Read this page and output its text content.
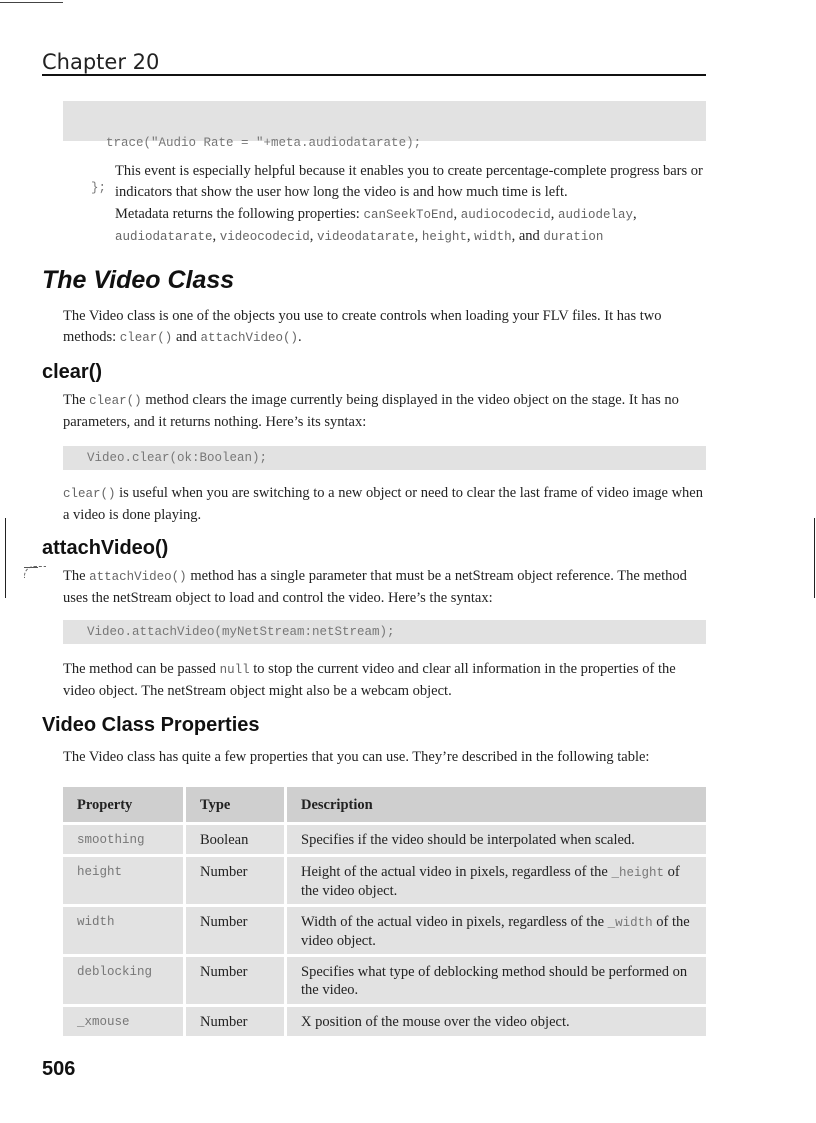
Chapter 20

trace("Audio Rate = "+meta.audiodatarate);

};

This event is especially helpful because it enables you to create percentage-complete progress bars or indicators that show the user how long the video is and how much time is left.

Metadata returns the following properties: canSeekToEnd, audiocodecid, audiodelay, audiodatarate, videocodecid, videodatarate, height, width, and duration

The Video Class

The Video class is one of the objects you use to create controls when loading your FLV files. It has two methods: clear() and attachVideo().

clear()

The clear() method clears the image currently being displayed in the video object on the stage. It has no parameters, and it returns nothing. Here’s its syntax:

Video.clear(ok:Boolean);

clear() is useful when you are switching to a new object or need to clear the last frame of video image when a video is done playing.

attachVideo()

The attachVideo() method has a single parameter that must be a netStream object reference. The method uses the netStream object to load and control the video. Here’s the syntax:

Video.attachVideo(myNetStream:netStream);

The method can be passed null to stop the current video and clear all information in the properties of the video object. The netStream object might also be a webcam object.

Video Class Properties

The Video class has quite a few properties that you can use. They’re described in the following table:

Property	Type	Description
smoothing	Boolean	Specifies if the video should be interpolated when scaled.
height	Number	Height of the actual video in pixels, regardless of the _height of the video object.
width	Number	Width of the actual video in pixels, regardless of the _width of the video object.
deblocking	Number	Specifies what type of deblocking method should be performed on the video.
_xmouse	Number	X position of the mouse over the video object.
506
